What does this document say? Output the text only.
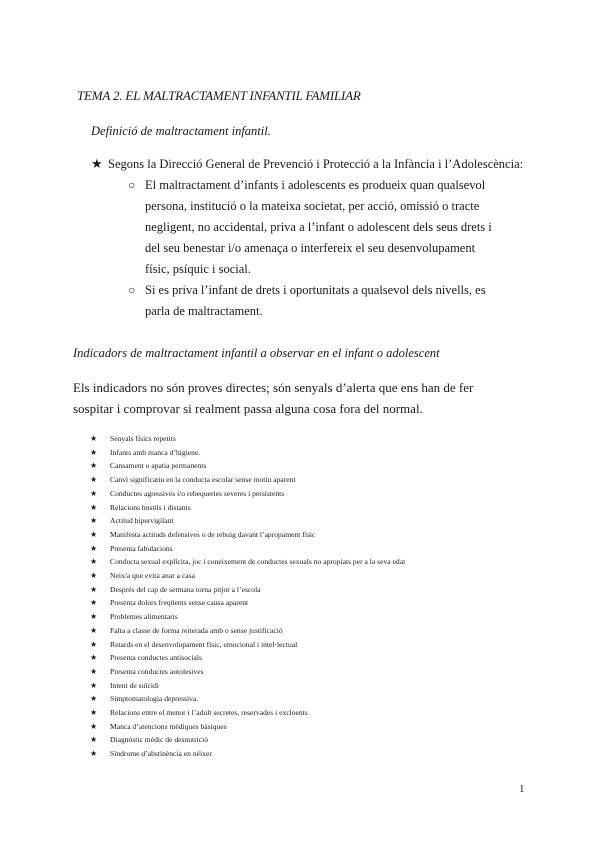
TEMA 2. EL MALTRACTAMENT INFANTIL FAMILIAR
Definició de maltractament infantil.
★ Segons la Direcció General de Prevenció i Protecció a la Infància i l’Adolescència:
○ El maltractament d’infants i adolescents es produeix quan qualsevol persona, institució o la mateixa societat, per acció, omissió o tracte negligent, no accidental, priva a l’infant o adolescent dels seus drets i del seu benestar i/o amenaça o interfereix el seu desenvolupament físic, psíquic i social.
○ Si es priva l’infant de drets i oportunitats a qualsevol dels nivells, es parla de maltractament.
Indicadors de maltractament infantil a observar en el infant o adolescent
Els indicadors no són proves directes; són senyals d’alerta que ens han de fer sospitar i comprovar si realment passa alguna cosa fora del normal.
★ Senyals físics repetits
★ Infants amb manca d’higiene.
★ Cansament o apatia permanents
★ Canvi significatiu en la conducta escolar sense motiu aparent
★ Conductes agressives i/o rebequeries severes i persistents
★ Relacions hostils i distants
★ Actitud hipervigilant
★ Manifesta actituds defensives o de rebuig davant l’apropament físic
★ Presenta fabulacions
★ Conducta sexual explícita, joc i coneixement de conductes sexuals no apropiats per a la seva edat
★ Neix/a que evita anar a casa
★ Després del cap de setmana torna pitjor a l’escola
★ Presenta dolors freqüents sense causa aparent
★ Problemes alimentaris
★ Falta a classe de forma reiterada amb o sense justificació
★ Retards en el desenvolupament físic, emocional i intel·lectual
★ Presenta conductes antisocials
★ Presenta conductes autolesives
★ Intent de suïcidi
★ Simptomatologia depressiva.
★ Relacions entre el menor i l’adult secretes, reservades i excloents
★ Manca d’atencions mèdiques bàsiques
★ Diagnòstic mèdic de desnutrició
★ Síndrome d’abstinència en néixer
1
